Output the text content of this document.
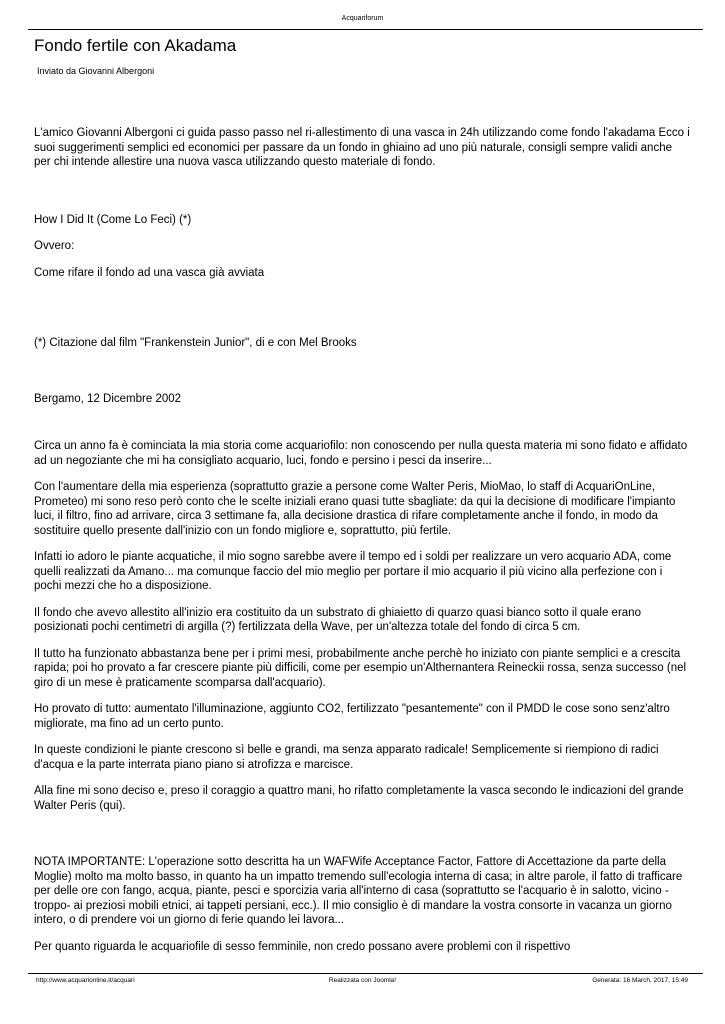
Acquariforum
Fondo fertile con Akadama
Inviato da Giovanni Albergoni

L'amico Giovanni Albergoni ci guida passo passo nel ri-allestimento di una vasca in 24h utilizzando come fondo l'akadama Ecco i suoi suggerimenti semplici ed economici per passare da un fondo in ghiaino ad uno più naturale, consigli sempre validi anche per chi intende allestire una nuova vasca utilizzando questo materiale di fondo.

How I Did It (Come Lo Feci) (*)

Ovvero:

Come rifare il fondo ad una vasca già avviata

(*) Citazione dal film "Frankenstein Junior", di e con Mel Brooks

Bergamo, 12 Dicembre 2002

Circa un anno fa è cominciata la mia storia come acquariofilo: non conoscendo per nulla questa materia mi sono fidato e affidato ad un negoziante che mi ha consigliato acquario, luci, fondo e persino i pesci da inserire...

Con l'aumentare della mia esperienza (soprattutto grazie a persone come Walter Peris, MioMao, lo staff di AcquariOnLine, Prometeo) mi sono reso però conto che le scelte iniziali erano quasi tutte sbagliate: da qui la decisione di modificare l'impianto luci, il filtro, fino ad arrivare, circa 3 settimane fa, alla decisione drastica di rifare completamente anche il fondo, in modo da sostituire quello presente dall'inizio con un fondo migliore e, soprattutto, più fertile.

Infatti io adoro le piante acquatiche, il mio sogno sarebbe avere il tempo ed i soldi per realizzare un vero acquario ADA, come quelli realizzati da Amano... ma comunque faccio del mio meglio per portare il mio acquario il più vicino alla perfezione con i pochi mezzi che ho a disposizione.

Il fondo che avevo allestito all'inizio era costituito da un substrato di ghiaietto di quarzo quasi bianco sotto il quale erano posizionati pochi centimetri di argilla (?) fertilizzata della Wave, per un'altezza totale del fondo di circa 5 cm.

Il tutto ha funzionato abbastanza bene per i primi mesi, probabilmente anche perchè ho iniziato con piante semplici e a crescita rapida; poi ho provato a far crescere piante più difficili, come per esempio un'Althernantera Reineckii rossa, senza successo (nel giro di un mese è praticamente scomparsa dall'acquario).

Ho provato di tutto: aumentato l'illuminazione, aggiunto CO2, fertilizzato "pesantemente" con il PMDD le cose sono senz'altro migliorate, ma fino ad un certo punto.

In queste condizioni le piante crescono sì belle e grandi, ma senza apparato radicale! Semplicemente si riempiono di radici d'acqua e la parte interrata piano piano si atrofizza e marcisce.

Alla fine mi sono deciso e, preso il coraggio a quattro mani, ho rifatto completamente la vasca secondo le indicazioni del grande Walter Peris (qui).

NOTA IMPORTANTE: L'operazione sotto descritta ha un WAFWife Acceptance Factor, Fattore di Accettazione da parte della Moglie) molto ma molto basso, in quanto ha un impatto tremendo sull'ecologia interna di casa; in altre parole, il fatto di trafficare per delle ore con fango, acqua, piante, pesci e sporcizia varia all'interno di casa (soprattutto se l'acquario è in salotto, vicino -troppo- ai preziosi mobili etnici, ai tappeti persiani, ecc.). Il mio consiglio è di mandare la vostra consorte in vacanza un giorno intero, o di prendere voi un giorno di ferie quando lei lavora...

Per quanto riguarda le acquariofile di sesso femminile, non credo possano avere problemi con il rispettivo

http://www.acquarionline.it/acquari	Realizzata con Joomla!	Generata: 16 March, 2017, 15:49
